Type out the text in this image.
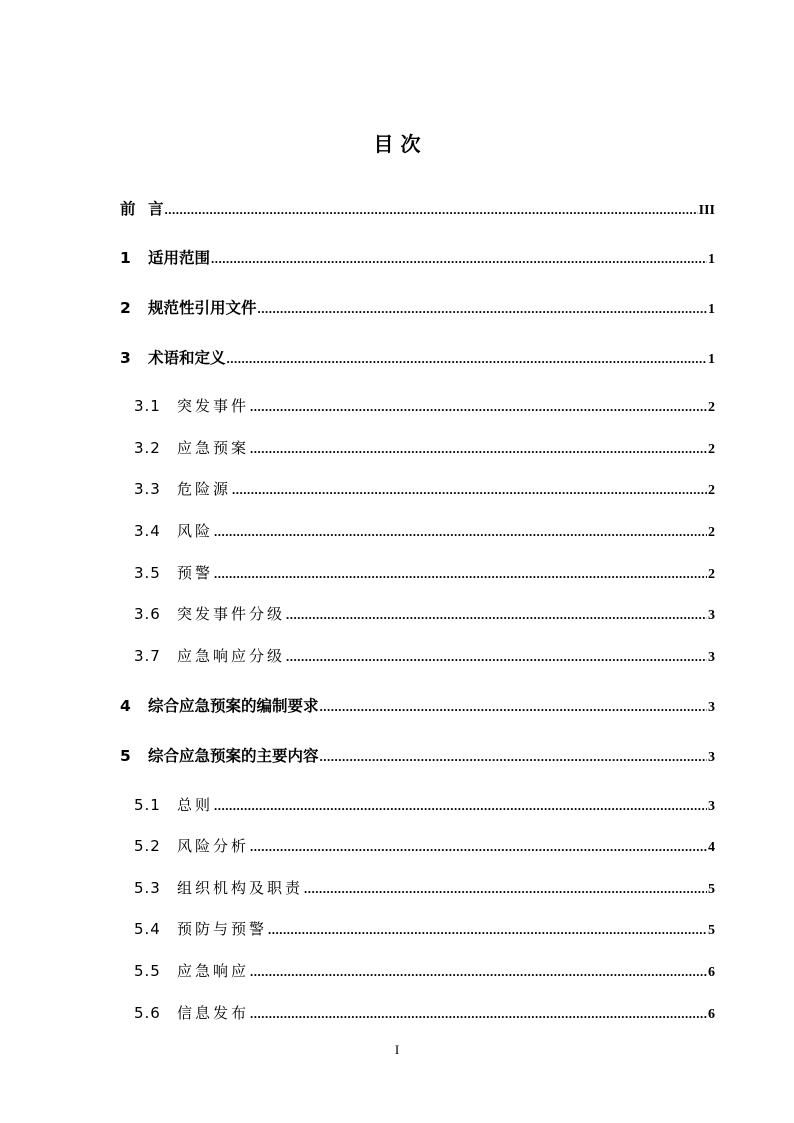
目 次
前 言 .....	III
1	适用范围 .....	1
2	规范性引用文件 .....	1
3	术语和定义 .....	1
3.1	突发事件 .....	2
3.2	应急预案 .....	2
3.3	危险源 .....	2
3.4	风险 .....	2
3.5	预警 .....	2
3.6	突发事件分级 .....	3
3.7	应急响应分级 .....	3
4	综合应急预案的编制要求 .....	3
5	综合应急预案的主要内容 .....	3
5.1	总则 .....	3
5.2	风险分析 .....	4
5.3	组织机构及职责 .....	5
5.4	预防与预警 .....	5
5.5	应急响应 .....	6
5.6	信息发布 .....	6
I
